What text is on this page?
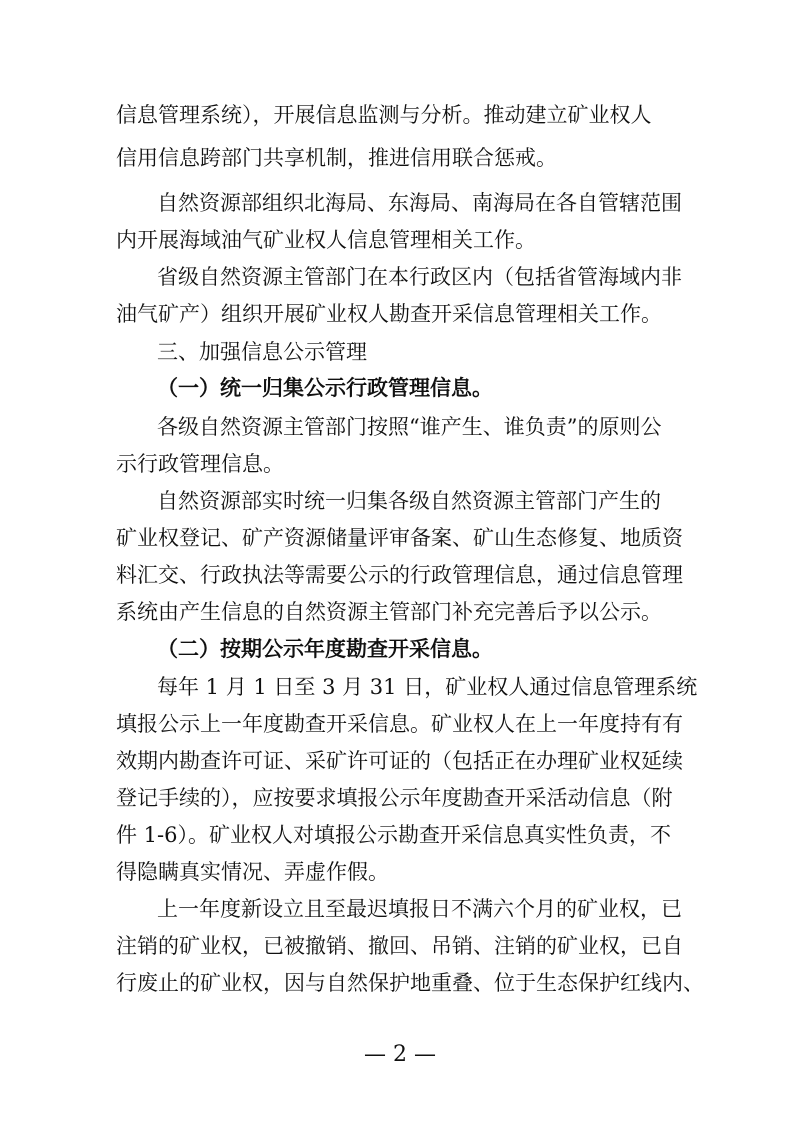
信息管理系统），开展信息监测与分析。推动建立矿业权人
信用信息跨部门共享机制，推进信用联合惩戒。
自然资源部组织北海局、东海局、南海局在各自管辖范围
内开展海域油气矿业权人信息管理相关工作。
省级自然资源主管部门在本行政区内（包括省管海域内非
油气矿产）组织开展矿业权人勘查开采信息管理相关工作。
三、加强信息公示管理
（一）统一归集公示行政管理信息。
各级自然资源主管部门按照“谁产生、谁负责”的原则公
示行政管理信息。
自然资源部实时统一归集各级自然资源主管部门产生的
矿业权登记、矿产资源储量评审备案、矿山生态修复、地质资
料汇交、行政执法等需要公示的行政管理信息，通过信息管理
系统由产生信息的自然资源主管部门补充完善后予以公示。
（二）按期公示年度勘查开采信息。
每年 1 月 1 日至 3 月 31 日，矿业权人通过信息管理系统
填报公示上一年度勘查开采信息。矿业权人在上一年度持有有
效期内勘查许可证、采矿许可证的（包括正在办理矿业权延续
登记手续的），应按要求填报公示年度勘查开采活动信息（附
件 1-6）。矿业权人对填报公示勘查开采信息真实性负责，不
得隐瞒真实情况、弄虚作假。
上一年度新设立且至最迟填报日不满六个月的矿业权，已
注销的矿业权，已被撤销、撤回、吊销、注销的矿业权，已自
行废止的矿业权，因与自然保护地重叠、位于生态保护红线内、
— 2 —
